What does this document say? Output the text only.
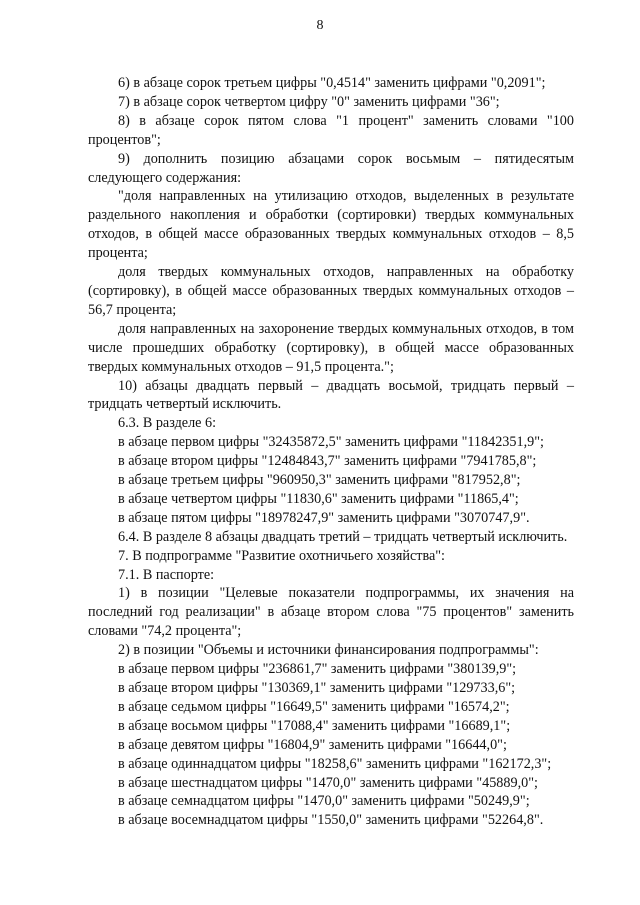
8

6) в абзаце сорок третьем цифры "0,4514" заменить цифрами "0,2091";

7) в абзаце сорок четвертом цифру "0" заменить цифрами "36";

8) в абзаце сорок пятом слова "1 процент" заменить словами "100 процентов";

9) дополнить позицию абзацами сорок восьмым – пятидесятым следующего содержания:

"доля направленных на утилизацию отходов, выделенных в результате раздельного накопления и обработки (сортировки) твердых коммунальных отходов, в общей массе образованных твердых коммунальных отходов – 8,5 процента;

доля твердых коммунальных отходов, направленных на обработку (сортировку), в общей массе образованных твердых коммунальных отходов – 56,7 процента;

доля направленных на захоронение твердых коммунальных отходов, в том числе прошедших обработку (сортировку), в общей массе образованных твердых коммунальных отходов – 91,5 процента.";

10) абзацы двадцать первый – двадцать восьмой, тридцать первый – тридцать четвертый исключить.

6.3. В разделе 6:

в абзаце первом цифры "32435872,5" заменить цифрами "11842351,9";

в абзаце втором цифры "12484843,7" заменить цифрами "7941785,8";

в абзаце третьем цифры "960950,3" заменить цифрами "817952,8";

в абзаце четвертом цифры "11830,6" заменить цифрами "11865,4";

в абзаце пятом цифры "18978247,9" заменить цифрами "3070747,9".

6.4. В разделе 8 абзацы двадцать третий – тридцать четвертый исключить.

7. В подпрограмме "Развитие охотничьего хозяйства":

7.1. В паспорте:

1) в позиции "Целевые показатели подпрограммы, их значения на последний год реализации" в абзаце втором слова "75 процентов" заменить словами "74,2 процента";

2) в позиции "Объемы и источники финансирования подпрограммы":

в абзаце первом цифры "236861,7" заменить цифрами "380139,9";

в абзаце втором цифры "130369,1" заменить цифрами "129733,6";

в абзаце седьмом цифры "16649,5" заменить цифрами "16574,2";

в абзаце восьмом цифры "17088,4" заменить цифрами "16689,1";

в абзаце девятом цифры "16804,9" заменить цифрами "16644,0";

в абзаце одиннадцатом цифры "18258,6" заменить цифрами "162172,3";

в абзаце шестнадцатом цифры "1470,0" заменить цифрами "45889,0";

в абзаце семнадцатом цифры "1470,0" заменить цифрами "50249,9";

в абзаце восемнадцатом цифры "1550,0" заменить цифрами "52264,8".
